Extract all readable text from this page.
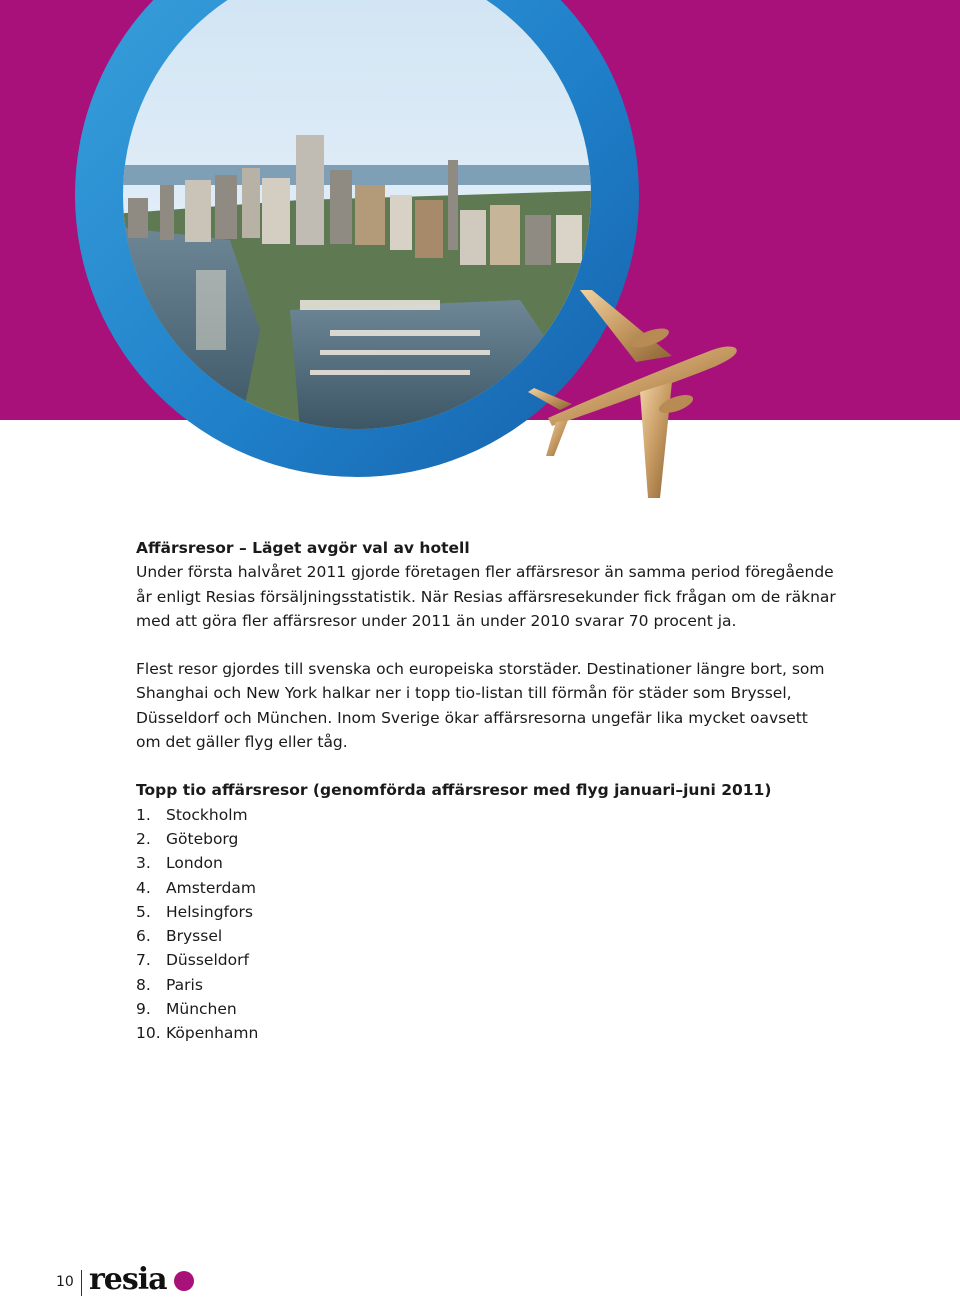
Affärsresor – Läget avgör val av hotell

Under första halvåret 2011 gjorde företagen fler affärsresor än samma period föregående år enligt Resias försäljningsstatistik. När Resias affärsresekunder fick frågan om de räknar med att göra fler affärsresor under 2011 än under 2010 svarar 70 procent ja.

Flest resor gjordes till svenska och europeiska storstäder. Destinationer längre bort, som Shanghai och New York halkar ner i topp tio-listan till förmån för städer som Bryssel, Düsseldorf och München. Inom Sverige ökar affärsresorna ungefär lika mycket oavsett om det gäller flyg eller tåg.

Topp tio affärsresor (genomförda affärsresor med flyg januari–juni 2011)

1. Stockholm
2. Göteborg
3. London
4. Amsterdam
5. Helsingfors
6. Bryssel
7. Düsseldorf
8. Paris
9. München
10. Köpenhamn
10 resia
